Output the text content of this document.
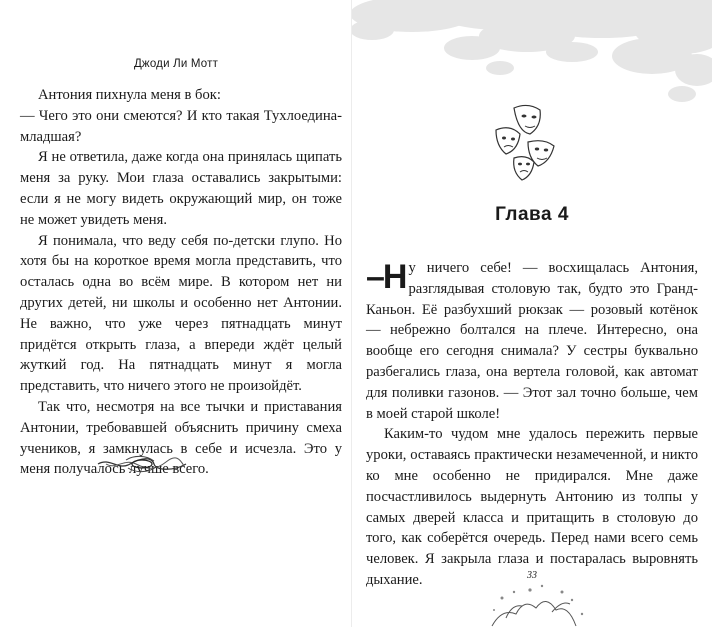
Джоди Ли Мотт

Антония пихнула меня в бок:

— Чего это они смеются? И кто такая Тухлоедина-младшая?

Я не ответила, даже когда она принялась щипать меня за руку. Мои глаза оставались закрытыми: если я не могу видеть окружающий мир, он тоже не может увидеть меня.

Я понимала, что веду себя по-детски глупо. Но хотя бы на короткое время могла представить, что осталась одна во всём мире. В котором нет ни других детей, ни школы и особенно нет Антонии. Не важно, что уже через пятнадцать минут придётся открыть глаза, а впереди ждёт целый жуткий год. На пятнадцать минут я могла представить, что ничего этого не произойдёт.

Так что, несмотря на все тычки и приставания Антонии, требовавшей объяснить причину смеха учеников, я замкнулась в себе и исчезла. Это у меня получалось лучше всего.

Глава 4

–Н у ничего себе! — восхищалась Антония, разглядывая столовую так, будто это Гранд-Каньон. Её разбухший рюкзак — розовый котёнок — небрежно болтался на плече. Интересно, она вообще его сегодня снимала? У сестры буквально разбегались глаза, она вертела головой, как автомат для поливки газонов. — Этот зал точно больше, чем в моей старой школе!

Каким-то чудом мне удалось пережить первые уроки, оставаясь практически незамеченной, и никто ко мне особенно не придирался. Мне даже посчастливилось выдернуть Антонию из толпы у самых дверей класса и притащить в столовую до того, как соберётся очередь. Перед нами всего семь человек. Я закрыла глаза и постаралась выровнять дыхание.	33
